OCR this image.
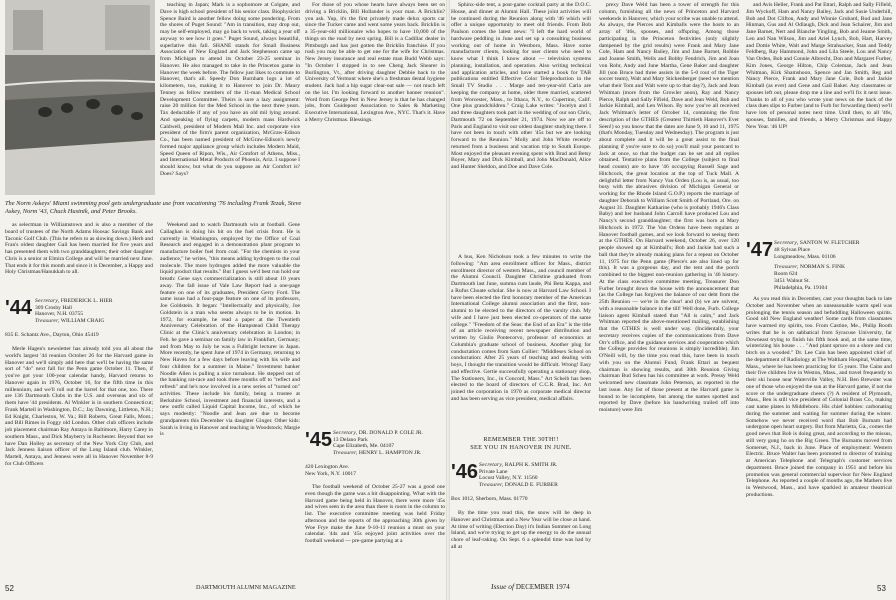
The Norm Askeys' Miami swimming pool gets undergraduate use from vacationing '76 including Frank Tezak, Steve Askey, Norm '43, Chuck Hustnik, and Peter Brooks.

teaching in Japan; Mark is a sophomore at Colgate, and Dave is high school president of his senior class. Biophysicist Spence Baird is another fellow doing some pondering. From the shores of Puget Sound: "Am in transition, may drop out, may be self-employed, may go back to work, taking a year off anyway to see how it goes." Puget Sound, always beautiful, superlative this fall. SHANE stands for Small Business Association of New England and Jack Stephenson came up from Michigan to attend its October 23-25 seminar in Hanover. He also managed to take in the Princeton game in Hanover the week before. The fellow just likes to commute to Hanover, that's all. Speedy Don Burnham logs a lot of kilometers, too, making it to Hanover to join Dr. Maury Tenney as fellow members of the 11-man Medical School Development Committee. Theirs is sure a lazy assignment: raise 20 million for the Med School in the next three years. Tax deductable if any of you have an old mil lying around. And speaking of flying carpets, modern mass Hardwick Caldwell, president of Modern Mail Inc. and corporate vice president of the firm's parent organization, McGraw-Edison Co., has been named president of McGraw-Edison's newly formed major appliance group which includes Modern Maid, Speed Queen of Ripon, Wis., Air Comfort of Athens, Miss., and International Metal Products of Phoenix, Ariz. I suppose I should know, but what do you suppose an Air Comfort is? Does? Says?

For those of you whose hearts have always been set on driving a Bricklin, Bill Hollander is your man. A Bricklin? you ask. Yup, it's the first privately made delux sports car since the Tucker came and went some years back. Bricklin is a 35-year-old millionaire who hopes to have 10,000 of the things on the road by next spring. Bill is a Cadillac dealer in Pittsburgh and has just gotten the Bricklin franchise. If you rush you may be able to get one for the wife for Christmas. New Jersey insurance and real estate man Budd Webb says: "In October I stopped in to see Cheng Jack Shearer in Burlington, Vt., after driving daughter Debbie back to the University of Vermont where she's a freshman dental hygiene student. Jack had a hip sugar clear-out sale — not much left on the lot. I'm looking forward to another banner reunion". Word from George Pert in New Jersey is that he has changed jobs, from Guidepost Association to Sales & Marketing Executive International, Lexington Ave., NYC. That's it. Have a Merry Christmas. Blessings.

as selectman in Williamstown and is also a member of the board of trustees of the North Adams Hoosac Savings Bank and Taconic Golf Club. (This he refers to as slowing down.) Herb and Fran's oldest daughter Gail has been married for five years and has presented them with two granddaughters; their other daughter Chris is a senior at Elmira College and will be married next June. That ends it for this month and since it is December, a Happy and Holy Christmas/Hanukkah to all.

'44 Secretary, FREDERICK L. HIER
309 Crosby Hall
Hanover, N.H. 03755
Treasurer, WILLIAM CRAIG
835 E. Schantz Ave., Dayton, Ohio 45419

Merle Hagen's newsletter has already told you all about the world's largest '44 reunion October 26 for the Harvard game in Hanover and we'll simply add here that we'll be having the same sort of "do" next fall for the Penn game October 11. Then, if you've got your 100-year calendar handy, Harvard returns to Hanover again in 1976, October 16, for the fifth time in this millennium, and we'll roll out the barrel for that one, too. There are 136 Dartmouth Clubs in the U.S. and overseas and six of them have '44 presidents. Al Winkler is in southern Connecticut; Frank Martell in Washington, D.C.; Jay Dawning, Littleton, N.H.; Ed Knight, Charleston, W. Va.; Bill Roberts, Great Falls, Mont.; and Bill Rimes in Foggy old London. Other club officers include job placement chairman Ray Antaya in Baltimore, Harry Carey in southern Mass., and Dick Mayberry in Rochester. Beyond that we have Dan Holley as secretary of the New York City Club, and Jack Jenness liaison officer of the Long Island club. Winkler, Martell, Antaya, and Jenness were all in Hanover November 8-9 for Club Officers

Weekend and to watch Dartmouth win at football. Gene Callaghan is doing his bit on the fuel crisis front. He is currently in Washington, employed by the Office of Coal Research and engaged in a demonstration plant program to manufacture boiler fuel from coal. "For the chemists in your audience," he writes, "this means adding hydrogen to the coal molecule. The more hydrogen added the more valuable the liquid product that results." But I guess we'd best run hold our breath: Gene says commercialization is still about 10 years away. The fall issue of Vale Law Report had a one-page feature on one of its graduates, President Gerry Ford. The same issue had a four-page feature on one of its professors, Joe Goldstein. It began: "Intellectually and physically, Joe Goldstein is a man who seems always to be in motion. In 1972, for example, he read a paper at the Twentieth Anniversary Celebration of the Hampstead Child Therapy Clinic at the Clinic's anniversary celebration in London; in Feb. he gave a seminar on family law in Frankfurt, Germany; and from May to July he was a Fulbright lecturer in Japan. More recently, he spent June of 1974 in Germany, returning to New Haven for a few days before leaving with his wife and four children for a summer in Maine." Investment banker Noodle Allen is pulling a nice turnabout. He stepped out of the banking rat-race and took three months off to "reflect and refresh" and he's now involved in a new series of "turned on" activities. These include his family, being a trustee at Berkshire School, investment and financial interests, and a new outfit called Liquid Capital Income, Inc., of which he says modestly: "Noodle and Jean are due to become grandparents this December via daughter Ginger. Other kids: Sarah is living in Hanover and teaching in Woodstock; Margie is	'45 Secretary, DR. DONALD P. COLE JR.
13 Delano Park
Cape Elizabeth, Me. 04107
Treasurer, HENRY L. HAMPTON JR.
420 Lexington Ave.
New York, N.Y. 10017

The football weekend of October 25-27 was a good one even though the game was a bit disappointing. What with the Harvard game being held in Hanover, there were more '45s and wives seen in the area than there is room in the column to list. The executive committee meeting was held Friday afternoon and the reports of the approaching 30th given by Woe Frye make the June 9-10-11 reunion a must on your calendar. '44s and '45s enjoyed joint activities over the football weekend — pre-game partying at a

52	DARTMOUTH ALUMNI MAGAZINE

Sphinx-side tent, a post-game cocktail party at the D.O.C. House, and dinner at Alumni Hall. These joint activities will be continued during the Reunion along with '46 which will offer a unique opportunity to meet old friends. From Bob Paulson comes the latest news: "I left the hard world of hardware peddling in June and set up a consulting business working out of home in Westboro, Mass. Have some manufacturer clients, looking for user clients who need to know what I think I know about — television systems planning, installation, and operation. Also writing technical and application articles, and have started a book for TAB publications entitled Effective Color Teleproduction in the Small TV Studio . . . Marge and ten-year-old Carla are keeping the company at home, older three married, scattered from Worcester, Mass., to Ithaca, N.Y., to Cupertino, Calif. One plus grandchildren." Craig Lake writes: "Jocelyn and I and three daughters took part in the wedding of our son Chris, Dartmouth '72 on September 21, 1974. Now we are off to Paris and England to visit our oldest daughter studying there. I have not been in touch with other '45s but we are looking forward to the Reunion." Molly and John White recently returned from a business and vacation trip to South Europe. Most enjoyed the pleasant evening spent with Brad and Betsy Boyer, Mary and Dick Kimball, and John MacDonald, Alice and Hunter Sheldon, and Doe and Dave Cole.

A bus, Ken Nicholson took a few minutes to write the following: "Am area enrollment officer for Mass., district enrollment director of western Mass., and council member of the Alumni Council. Daughter Christine graduated from Dartmouth last June, summa cum laude, Phi Beta Kappa, and a Rufus Choate scholar. She is now at Harvard Law School. I have been elected the first honorary member of the American International College alumni association and the first, non-alumni to be elected to the directors of the varsity club. My wife and I have just been elected co-operators of the same college." "Freedom of the Seas: the End of an Era" is the title of an article receiving recent newspaper distribution and written by Giulio Pontecorvo, professor of economics at Columbia's graduate school of business. Another plug for conductation comes from Sam Collier: "Middlesex School on conductation: After 25 years of teaching and dealing with boys, I thought the transition would be difficult. Wrong! Easy and effective. Gertie successfully operating a stationary shop, The Stationers, Inc., in Concord, Mass." Art Scheib has been elected to the board of directors of C.C.R. Brad, Inc. Art joined the corporation in 1970 as corporate medical director and has been serving as vice president, medical affairs.

REMEMBER THE 30TH!!
SEE YOU IN HANOVER IN JUNE.
'46 Secretary, RALPH K. SMITH JR.
Private Lane
Locust Valley, N.Y. 11560
Treasurer, DONALD E. FURBER
Box 1012, Sherborn, Mass. 01770

By the time you read this, the snow will be deep in Hanover and Christmas and a New Year will be close at hand. At time of writing (Election Day) it's Indian Summer on Long Island, and we're trying to get up the energy to do the annual chore of leaf-raking. On Sept. 6 a splendid time was had by all at

prexy Dave Weld has been a tower of strength for this column, furnishing all the news of Princeton and Harvard weekends in Hanover, which your scribe was unable to attend. As always, the Pierces and Kimballs were the hosts to an array of '46s, spouses, and offspring. Among those participating in the Princeton festivities (only slightly dampened by the grid results) were Frank and Mary Jane Cole, Ham and Nancy Bailey, Jim and Jane Barnet, Robbie and Joanne Smith, Wells and Bobby Fendrich, Jim and Joan von Rohr, Andy and June Martha, Gene Baker and daughter Jill (son Bruce had three assists in the 5-0 rout of the Tiger soccer team), Walt and Mary Stickenberger (need we mention what their Tom and Walt were up to that day?), Jack and Jean Whitman (more from the Growler anon), Ray and Nancy Pierce, Ralph and Sally Fifield, Dave and Jean Weld, Bob and Jackie Kimball, and Len Wilson. By now you've all received Jack Whitman's letter of October 14, containing the first description of the GTHES (Greatest Thirtieth Hanover's Ever Seen!) so you know that the dates are June 9, 10 and 11, 1975 (that's Monday, Tuesday and Wednesday). The program is just about complete and it will be a great assist to the final planning if you're sure to do so) you'll mail your postcard to Jack at once, so that the budget can be set and all replies obtained. Tentative plans from the College (subject to final head counts) are to have '46 occupying Russell Sage and Hitchcock, the great location at the top of Tuck Mall. A delightful letter from Nancy Van Orden (Lou is, as usual, too busy with the abrasives division of Michigan General or working for the Rhode Island G.O.P.) reports the marriage of daughter Deborah to William Scott Smith of Portland, Ore. on August 31. Daughter Katharine (who is probably 1946's Class Baby) and her husband John Carroll have produced Lou and Nancy's second granddaughter; the first was born at Mary Hitchcock in 1972. The Van Ordens have been regulars at Hanover football games, and we look forward to seeing them at the GTHES. On Harvard weekend, October 26, over 120 people showed up at Kimball's; Bob and Jackie had such a ball that they're already making plans for a repeat on October 11, 1975 for the Penn game (Pierce's are also lined up for this). It was a gorgeous day, and the tent and the porch combined to the biggest non-reunion gathering in '46 history. At the class executive committee meeting, Treasurer Don Furber brought down the house with the announcement that (as the College has forgiven the balance of our debt from the 25th Reunion — we're in the clear! and (b) we are solvent, with a reasonable balance in the till! Well done, Furb. College liaison agent Kimball stated that "All is calm," and Jack Whitman reported the above-mentioned mailing, establishing that the GTHES is well under way. (Incidentally, your secretary receives copies of the communications from Dave Orr's office, and the guidance services and cooperation which the College provides for reunions is simply incredible). Jim O'Neill will, by the time you read this, have been in touch with you on the Alumni Fund, Frank Ettari as bequest chairman is showing results, and 30th Reunion Giving chairman Bud Scheu has his committee at work. Pressy Weld welcomed new classmate John Peterson, as reported in the last issue. Any list of those present at the Harvard game is bound to be incomplete, but among the names spotted and reported by Dave (before his handwriting trailed off into moisture) were Jim

and Avis Heller, Frank and Pat Ettari, Ralph and Sally Fifield, Jim Wyckoff, Ham and Nancy Bailey, Jack and Susie Underhill, Bob and Dot Clifton, Andy and Winnie Grubard, Bud and Jane Hinman, Gus and Al Odlaugh, Dick and Jean Schairer, Jim and Jane Barnet, Nert and Blanche Yingling, Bob and Jeanne Smith, Len and Nan Wilson, Jim and Ariel Lynch, Bob, Hart, Harvey and Dottie White, Walt and Marge Strahsacker, Stan and Teddy Feldberg, Ray Hammond, John and Lila Steele, Lou and Nancy Van Orden, Bob and Connie Albrecht, Don and Margaret Furber, Kim Jones, George Hilton, Chip Coleman, Jack and Jean Whitman, Kirk Shamshoon, Spence and Jan Smith, Reg and Nancy Pierce, Frank and Mary Jane Cole, Bob and Jackie Kimball (as ever) and Gene and Gail Baker. Any classmates or spouses left out, please drop me a line and we'll fix it next issue. Thanks to all of you who wrote your news on the back of the class dues slips to Furber (and to Furb for forwarding them) we'll have lots of personal notes next time. Until then, to all '46s, spouses, families, and friends, a Merry Christmas and Happy New Year. '46 UP!

'47 Secretary, SANTON W. FLETCHER
48 Sylvan Place
Longmeadow, Mass. 01106
Treasurer, NORMAN S. FINK
Room 624
3451 Walnut St.
Philadelphia, Pa. 19104

As you read this in December, cast your thoughts back to late October and November when an unseasonable warm spell was prolonging the tennis season and befuddling Halloween spirits. Good old New England weather! Some cards from classmates have warmed my spirits, too. From Castine, Me., Philip Booth writes that he is on sabbatical from Syracuse University, far Downeast trying to finish his fifth book and, at the same time, winterizing his house . . . "And plant spruce on a shore and cut birch on a wooded." Dr. Lee Cain has been appointed chief of the department of Radiology at The Waltham Hospital, Waltham, Mass., where he has been practicing for 15 years. The Cains and their five children live in Weston, Mass., and travel frequently to their ski house near Waterville Valley, N.H. Ben Brewster was one of those who enjoyed the sun at the Harvard game, if not the score or the undergraduate cheers (?) A resident of Plymouth, Mass., Ben is still vice president of Colonial Brass Co., making cast name plates in Middleboro. His chief hobbies: carbonating during the summer and waiting for summer during the winter. Somehow we never received word that Bob Burnam had undergone open heart surgery. But from Marietta, Ga., comes the good news that Bob is doing great, and according to the missus, still very gung ho on the Big Green. The Burnams moved from Somerset, N.J., back in June. Place of employment: Western Electric. Bruce Walter has been promoted to director of training at American Telephone and Telegraph's customer services department. Bruce joined the company in 1951 and before his promotion was general commercial supervisor for New England Telephone. As reported a couple of months ago, the Mathers live in Westwood, Mass., and have sparkled in amateur theatrical productions.

Issue of DECEMBER 1974	53
